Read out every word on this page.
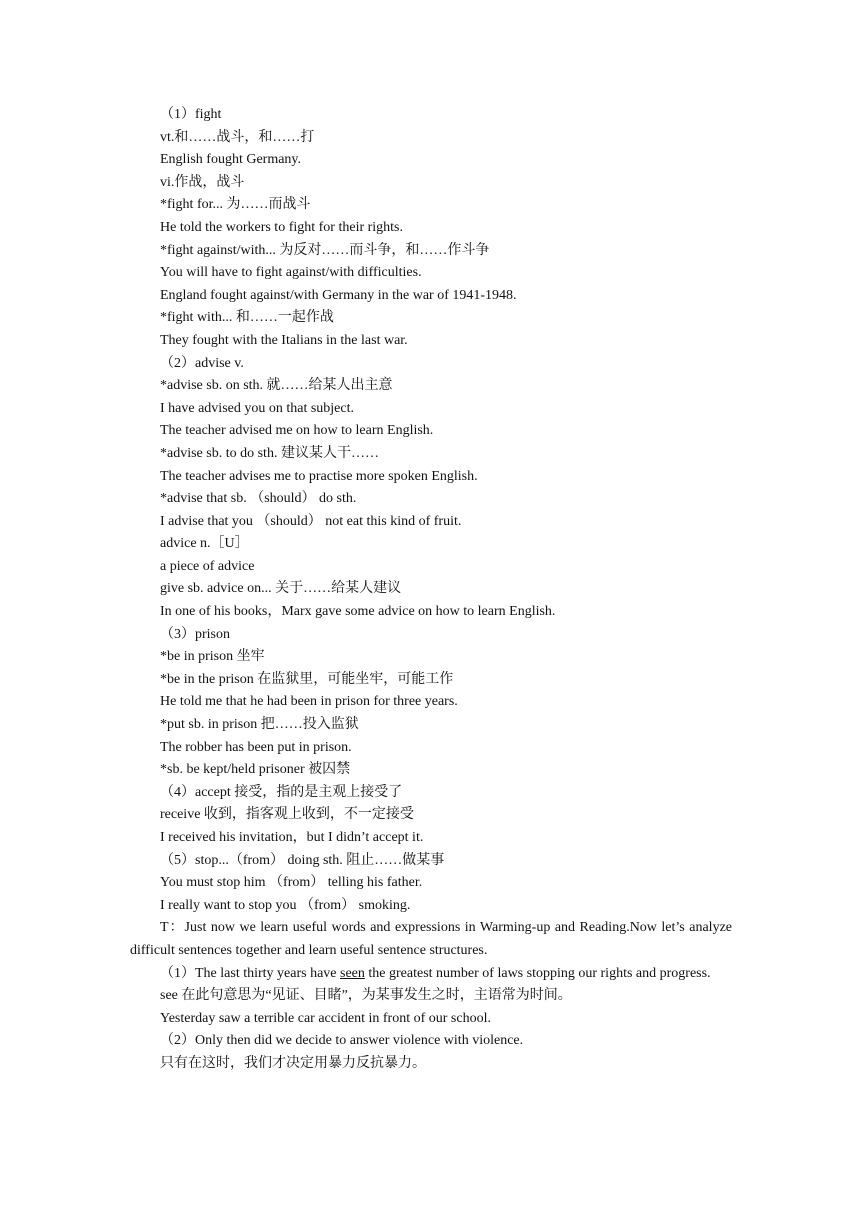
（1）fight
vt.和……战斗，和……打
English fought Germany.
vi.作战，战斗
*fight for... 为……而战斗
He told the workers to fight for their rights.
*fight against/with... 为反对……而斗争，和……作斗争
You will have to fight against/with difficulties.
England fought against/with Germany in the war of 1941-1948.
*fight with... 和……一起作战
They fought with the Italians in the last war.
（2）advise v.
*advise sb. on sth. 就……给某人出主意
I have advised you on that subject.
The teacher advised me on how to learn English.
*advise sb. to do sth. 建议某人干……
The teacher advises me to practise more spoken English.
*advise that sb. （should） do sth.
I advise that you （should） not eat this kind of fruit.
advice n.［U］
a piece of advice
give sb. advice on... 关于……给某人建议
In one of his books，Marx gave some advice on how to learn English.
（3）prison
*be in prison 坐牢
*be in the prison 在监狱里，可能坐牢，可能工作
He told me that he had been in prison for three years.
*put sb. in prison 把……投入监狱
The robber has been put in prison.
*sb. be kept/held prisoner 被囚禁
（4）accept 接受，指的是主观上接受了
receive 收到，指客观上收到，不一定接受
I received his invitation，but I didn’t accept it.
（5）stop...（from） doing sth. 阻止……做某事
You must stop him （from） telling his father.
I really want to stop you （from） smoking.
T：Just now we learn useful words and expressions in Warming-up and Reading.Now let’s analyze difficult sentences together and learn useful sentence structures.
（1）The last thirty years have seen the greatest number of laws stopping our rights and progress.
see 在此句意思为“见证、目睹”，为某事发生之时，主语常为时间。
Yesterday saw a terrible car accident in front of our school.
（2）Only then did we decide to answer violence with violence.
只有在这时，我们才决定用暴力反抗暴力。
